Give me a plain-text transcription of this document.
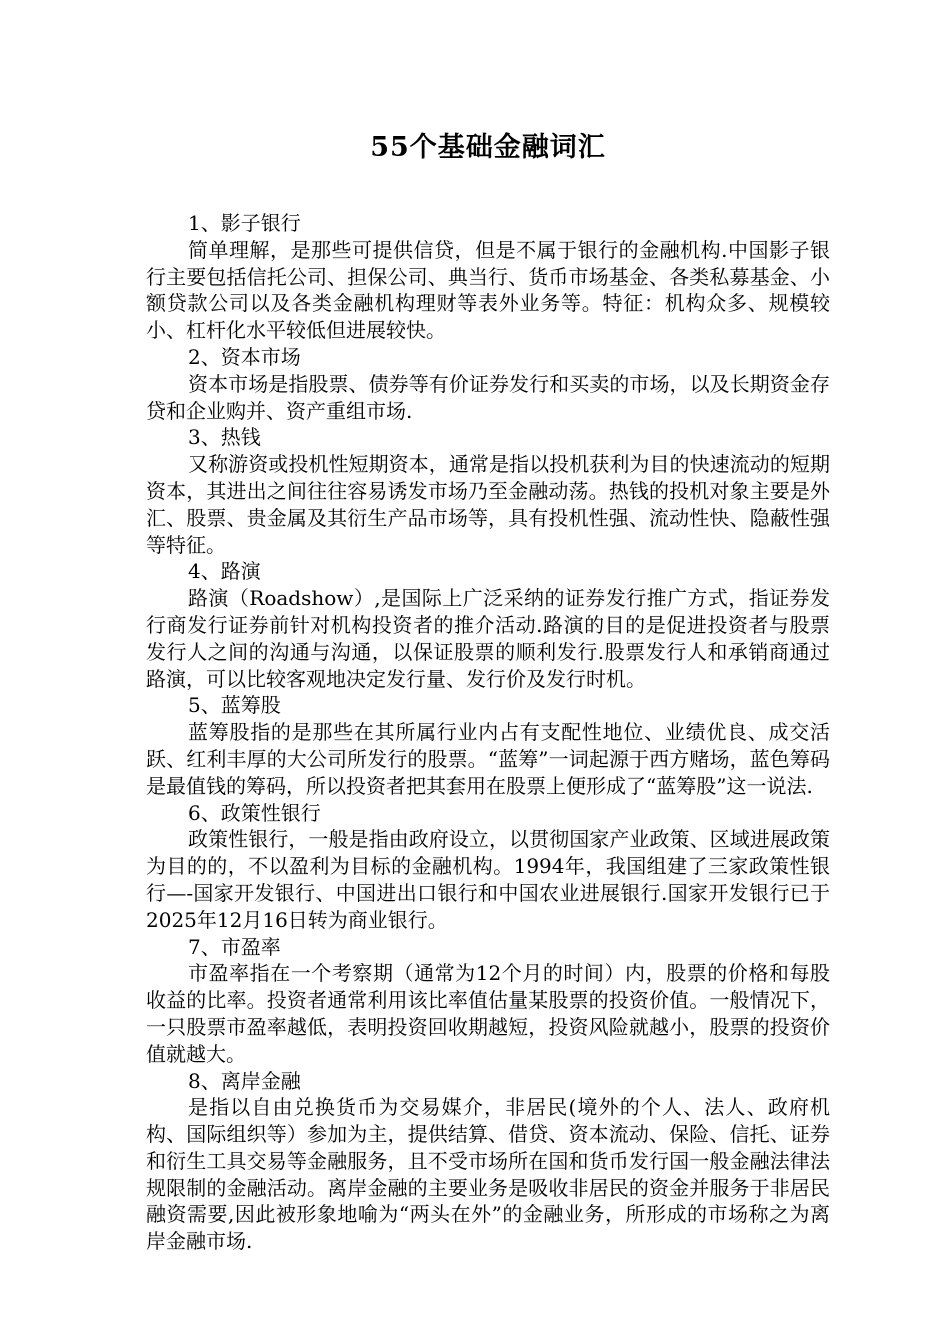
55个基础金融词汇

1、影子银行

简单理解，是那些可提供信贷，但是不属于银行的金融机构.中国影子银行主要包括信托公司、担保公司、典当行、货币市场基金、各类私募基金、小额贷款公司以及各类金融机构理财等表外业务等。特征：机构众多、规模较小、杠杆化水平较低但进展较快。

2、资本市场

资本市场是指股票、债券等有价证券发行和买卖的市场，以及长期资金存贷和企业购并、资产重组市场.

3、热钱

又称游资或投机性短期资本，通常是指以投机获利为目的快速流动的短期资本，其进出之间往往容易诱发市场乃至金融动荡。热钱的投机对象主要是外汇、股票、贵金属及其衍生产品市场等，具有投机性强、流动性快、隐蔽性强等特征。

4、路演

路演（Roadshow）,是国际上广泛采纳的证券发行推广方式，指证券发行商发行证券前针对机构投资者的推介活动.路演的目的是促进投资者与股票发行人之间的沟通与沟通，以保证股票的顺利发行.股票发行人和承销商通过路演，可以比较客观地决定发行量、发行价及发行时机。

5、蓝筹股

蓝筹股指的是那些在其所属行业内占有支配性地位、业绩优良、成交活跃、红利丰厚的大公司所发行的股票。“蓝筹”一词起源于西方赌场，蓝色筹码是最值钱的筹码，所以投资者把其套用在股票上便形成了“蓝筹股”这一说法.

6、政策性银行

政策性银行，一般是指由政府设立，以贯彻国家产业政策、区域进展政策为目的的，不以盈利为目标的金融机构。1994年，我国组建了三家政策性银行—-国家开发银行、中国进出口银行和中国农业进展银行.国家开发银行已于2025年12月16日转为商业银行。

7、市盈率

市盈率指在一个考察期（通常为12个月的时间）内，股票的价格和每股收益的比率。投资者通常利用该比率值估量某股票的投资价值。一般情况下，一只股票市盈率越低，表明投资回收期越短，投资风险就越小，股票的投资价值就越大。

8、离岸金融

是指以自由兑换货币为交易媒介，非居民(境外的个人、法人、政府机构、国际组织等）参加为主，提供结算、借贷、资本流动、保险、信托、证券和衍生工具交易等金融服务，且不受市场所在国和货币发行国一般金融法律法规限制的金融活动。离岸金融的主要业务是吸收非居民的资金并服务于非居民融资需要,因此被形象地喻为“两头在外”的金融业务，所形成的市场称之为离岸金融市场.
